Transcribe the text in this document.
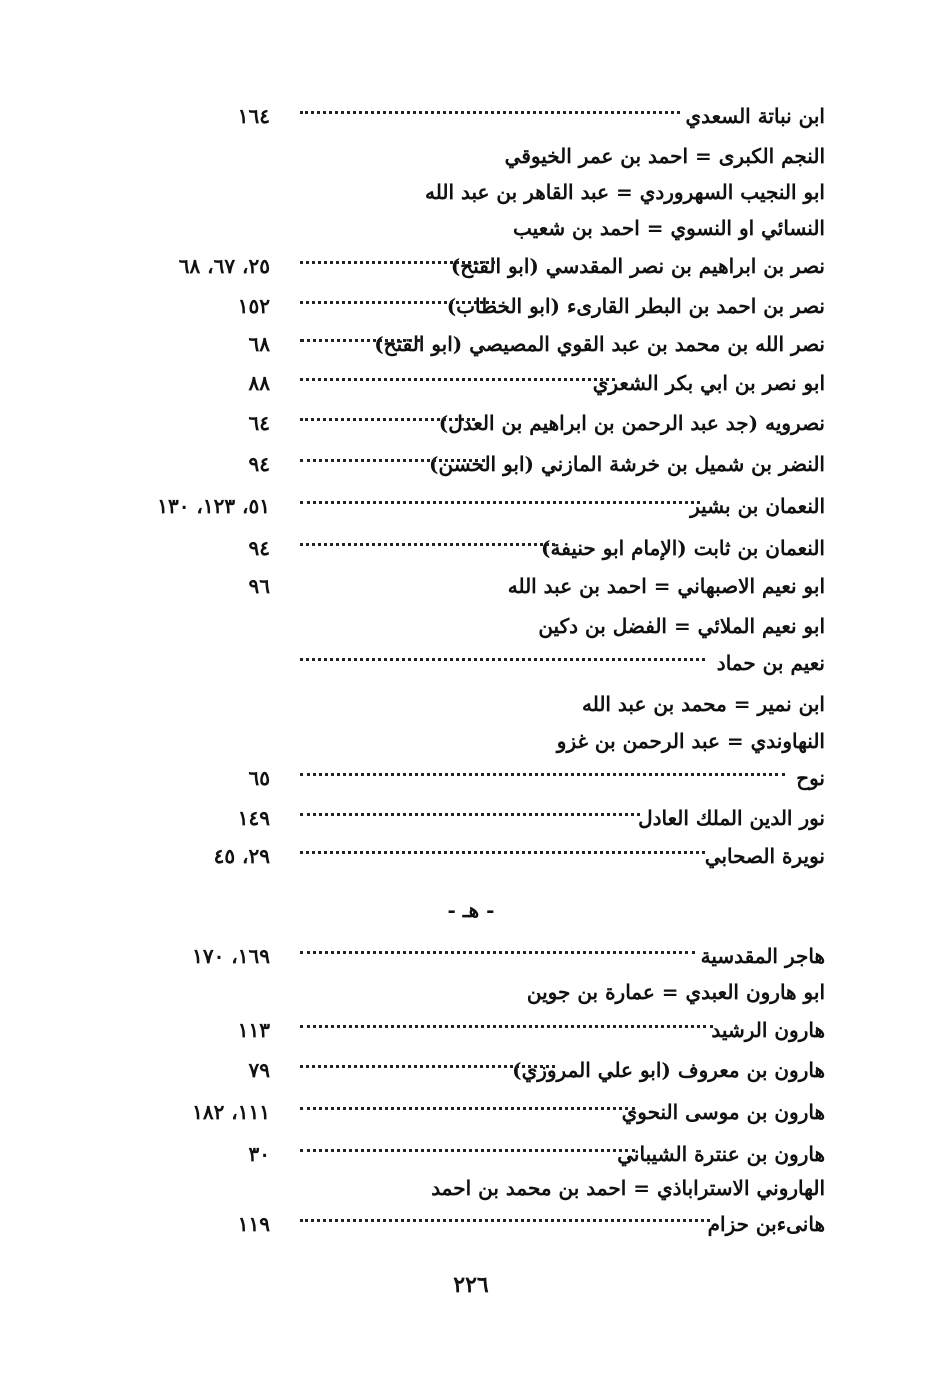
ابن نباتة السعدي
١٦٤
النجم الكبرى = احمد بن عمر الخيوقي
ابو النجيب السهروردي = عبد القاهر بن عبد الله
النسائي او النسوي = احمد بن شعيب
نصر بن ابراهيم بن نصر المقدسي (ابو الفتح)
٢٥، ٦٧، ٦٨
نصر بن احمد بن البطر القارىء (ابو الخطاب)
١٥٢
نصر الله بن محمد بن عبد القوي المصيصي (ابو الفتح)
٦٨
ابو نصر بن ابي بكر الشعري
٨٨
نصرويه (جد عبد الرحمن بن ابراهيم بن العدل)
٦٤
النضر بن شميل بن خرشة المازني (ابو الحسن)
٩٤
النعمان بن بشير
٥١، ١٢٣، ١٣٠
النعمان بن ثابت (الإمام ابو حنيفة)
٩٤
ابو نعيم الاصبهاني = احمد بن عبد الله
٩٦
ابو نعيم الملائي = الفضل بن دكين
نعيم بن حماد
ابن نمير = محمد بن عبد الله
النهاوندي = عبد الرحمن بن غزو
نوح
٦٥
نور الدين الملك العادل
١٤٩
نويرة الصحابي
٢٩، ٤٥
- هـ -
هاجر المقدسية
١٦٩، ١٧٠
ابو هارون العبدي = عمارة بن جوين
هارون الرشيد
١١٣
هارون بن معروف (ابو علي المروزي)
٧٩
هارون بن موسى النحوي
١١١، ١٨٢
هارون بن عنترة الشيباني
٣٠
الهاروني الاستراباذي = احمد بن محمد بن احمد
هانىءبن حزام
١١٩
٢٢٦
